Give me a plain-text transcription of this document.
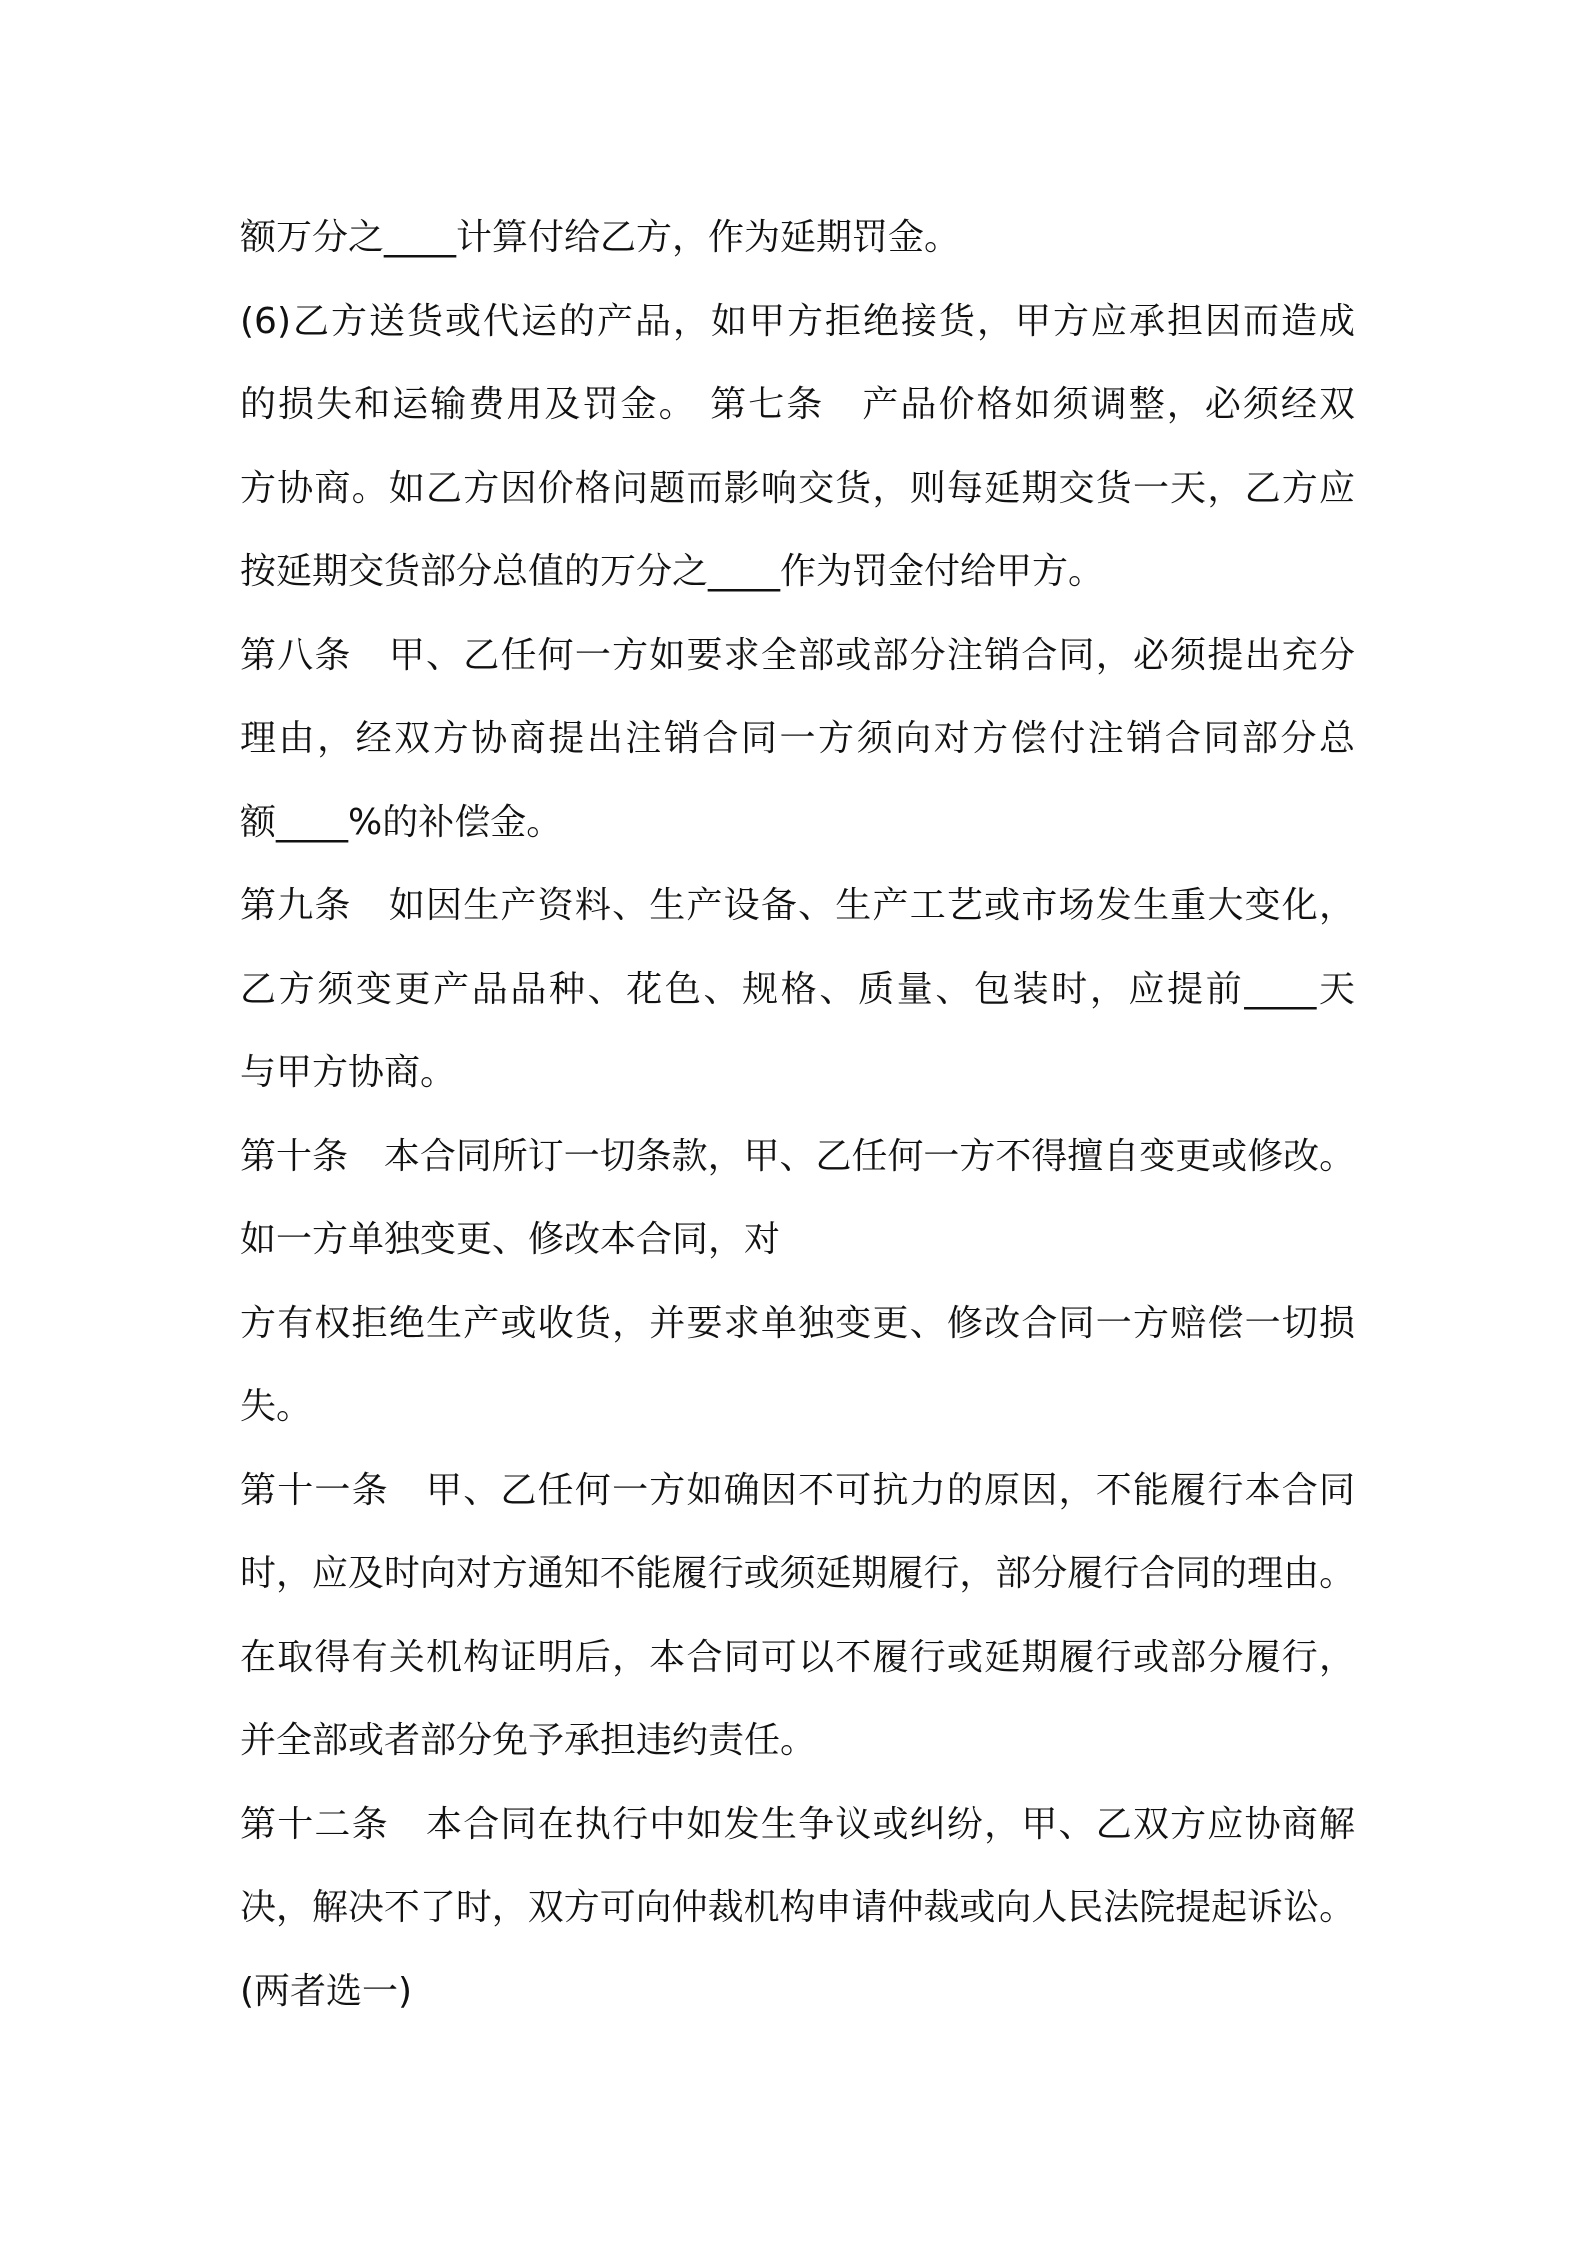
额万分之____计算付给乙方，作为延期罚金。
(6)乙方送货或代运的产品，如甲方拒绝接货，甲方应承担因而造成
的损失和运输费用及罚金。 第七条　产品价格如须调整，必须经双
方协商。如乙方因价格问题而影响交货，则每延期交货一天，乙方应
按延期交货部分总值的万分之____作为罚金付给甲方。
第八条　甲、乙任何一方如要求全部或部分注销合同，必须提出充分
理由，经双方协商提出注销合同一方须向对方偿付注销合同部分总
额____%的补偿金。
第九条　如因生产资料、生产设备、生产工艺或市场发生重大变化，
乙方须变更产品品种、花色、规格、质量、包装时，应提前____天
与甲方协商。
第十条　本合同所订一切条款，甲、乙任何一方不得擅自变更或修改。
如一方单独变更、修改本合同，对
方有权拒绝生产或收货，并要求单独变更、修改合同一方赔偿一切损
失。
第十一条　甲、乙任何一方如确因不可抗力的原因，不能履行本合同
时，应及时向对方通知不能履行或须延期履行，部分履行合同的理由。
在取得有关机构证明后，本合同可以不履行或延期履行或部分履行，
并全部或者部分免予承担违约责任。
第十二条　本合同在执行中如发生争议或纠纷，甲、乙双方应协商解
决，解决不了时，双方可向仲裁机构申请仲裁或向人民法院提起诉讼。
(两者选一)
